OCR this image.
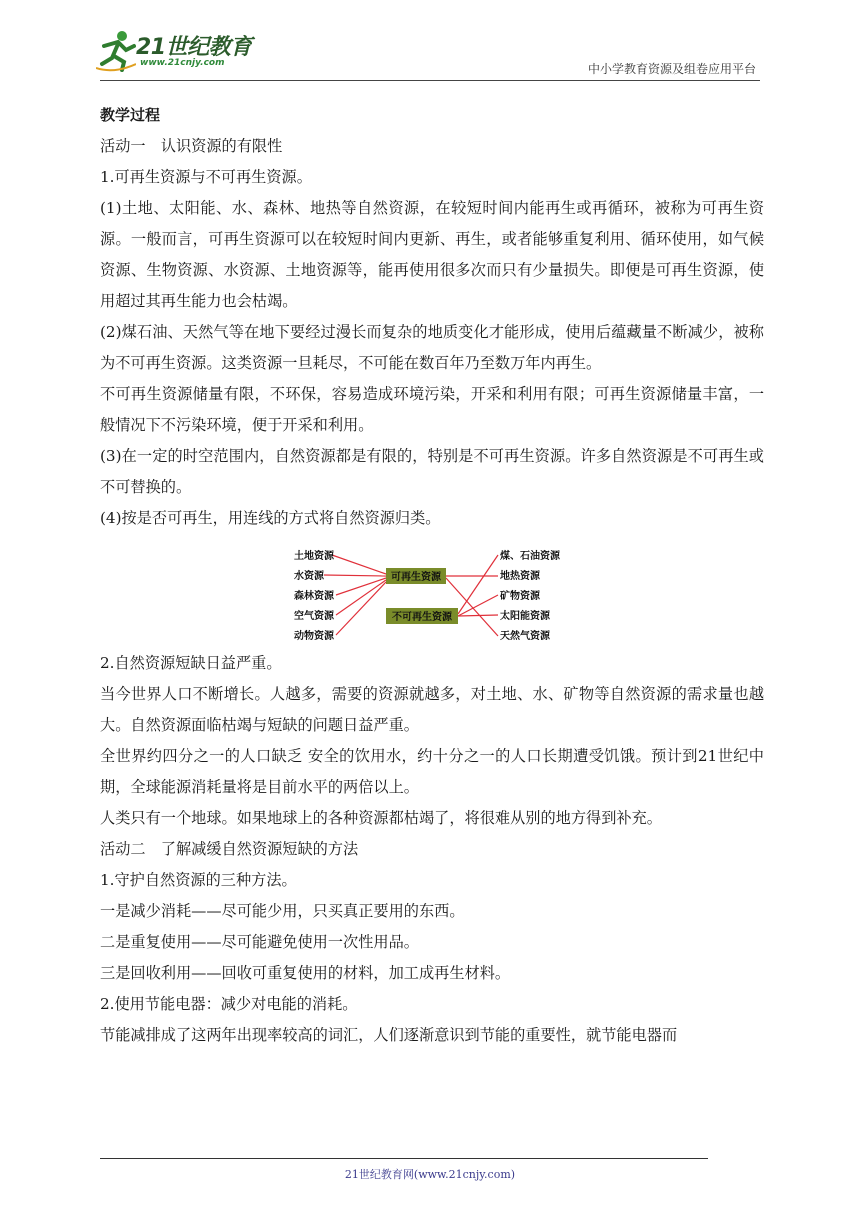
21世纪教育
www.21cnjy.com	中小学教育资源及组卷应用平台

教学过程

活动一　认识资源的有限性

1.可再生资源与不可再生资源。

(1)土地、太阳能、水、森林、地热等自然资源，在较短时间内能再生或再循环，被称为可再生资源。一般而言，可再生资源可以在较短时间内更新、再生，或者能够重复利用、循环使用，如气候资源、生物资源、水资源、土地资源等，能再使用很多次而只有少量损失。即便是可再生资源，使用超过其再生能力也会枯竭。

(2)煤石油、天然气等在地下要经过漫长而复杂的地质变化才能形成，使用后蕴藏量不断减少，被称为不可再生资源。这类资源一旦耗尽，不可能在数百年乃至数万年内再生。

不可再生资源储量有限，不环保，容易造成环境污染，开采和利用有限；可再生资源储量丰富，一般情况下不污染环境，便于开采和利用。

(3)在一定的时空范围内，自然资源都是有限的，特别是不可再生资源。许多自然资源是不可再生或不可替换的。

(4)按是否可再生，用连线的方式将自然资源归类。

可再生资源
不可再生资源
土地资源
水资源
森林资源
空气资源
动物资源
煤、石油资源
地热资源
矿物资源
太阳能资源
天然气资源

2.自然资源短缺日益严重。

当今世界人口不断增长。人越多，需要的资源就越多，对土地、水、矿物等自然资源的需求量也越大。自然资源面临枯竭与短缺的问题日益严重。

全世界约四分之一的人口缺乏 安全的饮用水，约十分之一的人口长期遭受饥饿。预计到21世纪中期，全球能源消耗量将是目前水平的两倍以上。

人类只有一个地球。如果地球上的各种资源都枯竭了，将很难从别的地方得到补充。

活动二　了解减缓自然资源短缺的方法

1.守护自然资源的三种方法。

一是减少消耗——尽可能少用，只买真正要用的东西。

二是重复使用——尽可能避免使用一次性用品。

三是回收利用——回收可重复使用的材料，加工成再生材料。

2.使用节能电器：减少对电能的消耗。

节能减排成了这两年出现率较高的词汇，人们逐渐意识到节能的重要性，就节能电器而

21世纪教育网(www.21cnjy.com)
